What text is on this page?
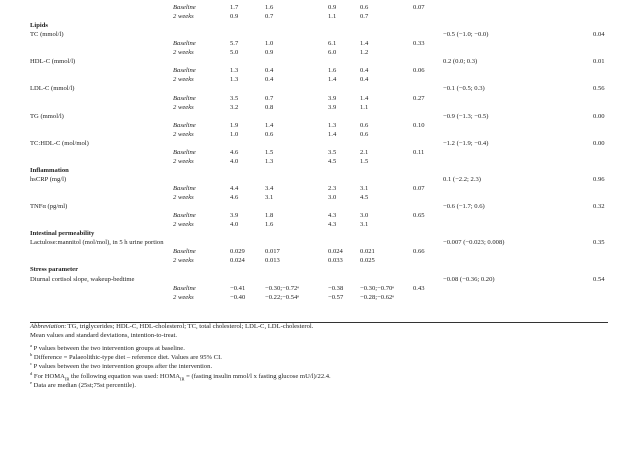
Baseline	1.7	1.6	0.9	0.6	0.07
2 weeks	0.9	0.7	1.1	0.7
Lipids
TC (mmol/l)	−0.5 (−1.0; −0.0)	0.04
Baseline	5.7	1.0	6.1	1.4	0.33
2 weeks	5.0	0.9	6.0	1.2
HDL-C (mmol/l)	0.2 (0.0; 0.3)	0.01
Baseline	1.3	0.4	1.6	0.4	0.06
2 weeks	1.3	0.4	1.4	0.4
LDL-C (mmol/l)	−0.1 (−0.5; 0.3)	0.56
Baseline	3.5	0.7	3.9	1.4	0.27
2 weeks	3.2	0.8	3.9	1.1
TG (mmol/l)	−0.9 (−1.3; −0.5)	0.00
Baseline	1.9	1.4	1.3	0.6	0.10
2 weeks	1.0	0.6	1.4	0.6
TC:HDL-C (mol/mol)	−1.2 (−1.9; −0.4)	0.00
Baseline	4.6	1.5	3.5	2.1	0.11
2 weeks	4.0	1.3	4.5	1.5
Inflammation
hsCRP (mg/l)	0.1 (−2.2; 2.3)	0.96
Baseline	4.4	3.4	2.3	3.1	0.07
2 weeks	4.6	3.1	3.0	4.5
TNFα (pg/ml)	−0.6 (−1.7; 0.6)	0.32
Baseline	3.9	1.8	4.3	3.0	0.65
2 weeks	4.0	1.6	4.3	3.1
Intestinal permeability
Lactulose:mannitol (mol/mol), in 5 h urine portion	−0.007 (−0.023; 0.008)	0.35
Baseline	0.029	0.017	0.024	0.021	0.66
2 weeks	0.024	0.013	0.033	0.025
Stress parameter
Diurnal cortisol slope, wakeup-bedtime	−0.08 (−0.36; 0.20)	0.54
Baseline	−0.41	−0.30;−0.72ᵉ	−0.38	−0.30;−0.70ᵉ	0.43
2 weeks	−0.40	−0.22;−0.54ᵉ	−0.57	−0.28;−0.62ᵉ
Abbreviation: TG, triglycerides; HDL-C, HDL-cholesterol; TC, total cholesterol; LDL-C, LDL-cholesterol.
Mean values and standard deviations, intention-to-treat.
$^a$ P values between the two intervention groups at baseline.
$^b$ Difference = Palaeolithic-type diet – reference diet. Values are 95% CI.
$^c$ P values between the two intervention groups after the intervention.
$^d$ For $HOMA_{IR}$ the following equation was used: $HOMA_{IR}$ = (fasting insulin mmol/l x fasting glucose mU/l)/22.4.
$^e$ Data are median (25st;75st percentile).
